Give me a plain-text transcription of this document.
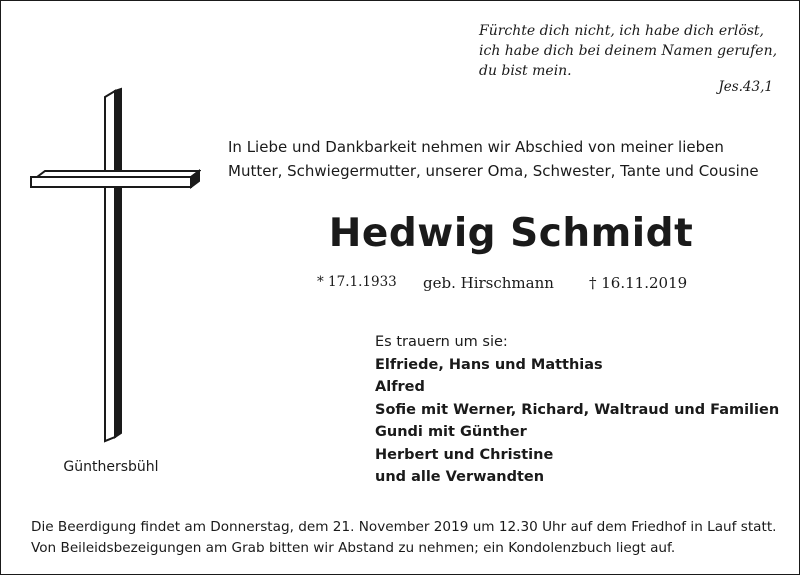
Fürchte dich nicht, ich habe dich erlöst,
ich habe dich bei deinem Namen gerufen,
du bist mein.
Jes.43,1
Günthersbühl
In Liebe und Dankbarkeit nehmen wir Abschied von meiner lieben
Mutter, Schwiegermutter, unserer Oma, Schwester, Tante und Cousine
Hedwig Schmidt
* 17.1.1933 geb. Hirschmann † 16.11.2019
Es trauern um sie:
Elfriede, Hans und Matthias
Alfred
Sofie mit Werner, Richard, Waltraud und Familien
Gundi mit Günther
Herbert und Christine
und alle Verwandten
Die Beerdigung findet am Donnerstag, dem 21. November 2019 um 12.30 Uhr auf dem Friedhof in Lauf statt.
Von Beileidsbezeigungen am Grab bitten wir Abstand zu nehmen; ein Kondolenzbuch liegt auf.
